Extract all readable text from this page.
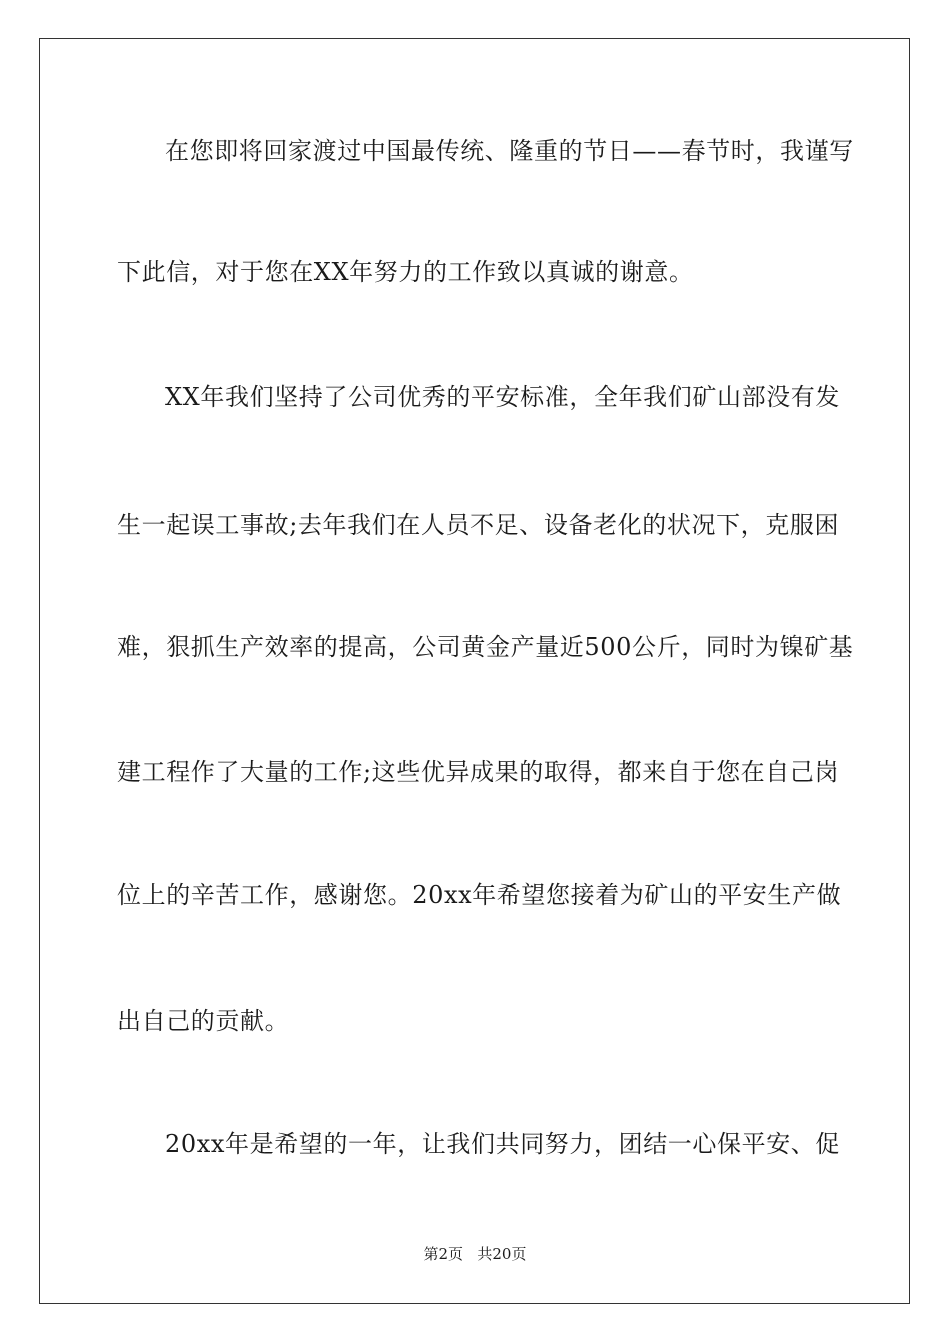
在您即将回家渡过中国最传统、隆重的节日——春节时，我谨写
下此信，对于您在XX年努力的工作致以真诚的谢意。
XX年我们坚持了公司优秀的平安标准，全年我们矿山部没有发
生一起误工事故;去年我们在人员不足、设备老化的状况下，克服困
难，狠抓生产效率的提高，公司黄金产量近500公斤，同时为镍矿基
建工程作了大量的工作;这些优异成果的取得，都来自于您在自己岗
位上的辛苦工作，感谢您。20xx年希望您接着为矿山的平安生产做
出自己的贡献。
20xx年是希望的一年，让我们共同努力，团结一心保平安、促
第2页 共20页
